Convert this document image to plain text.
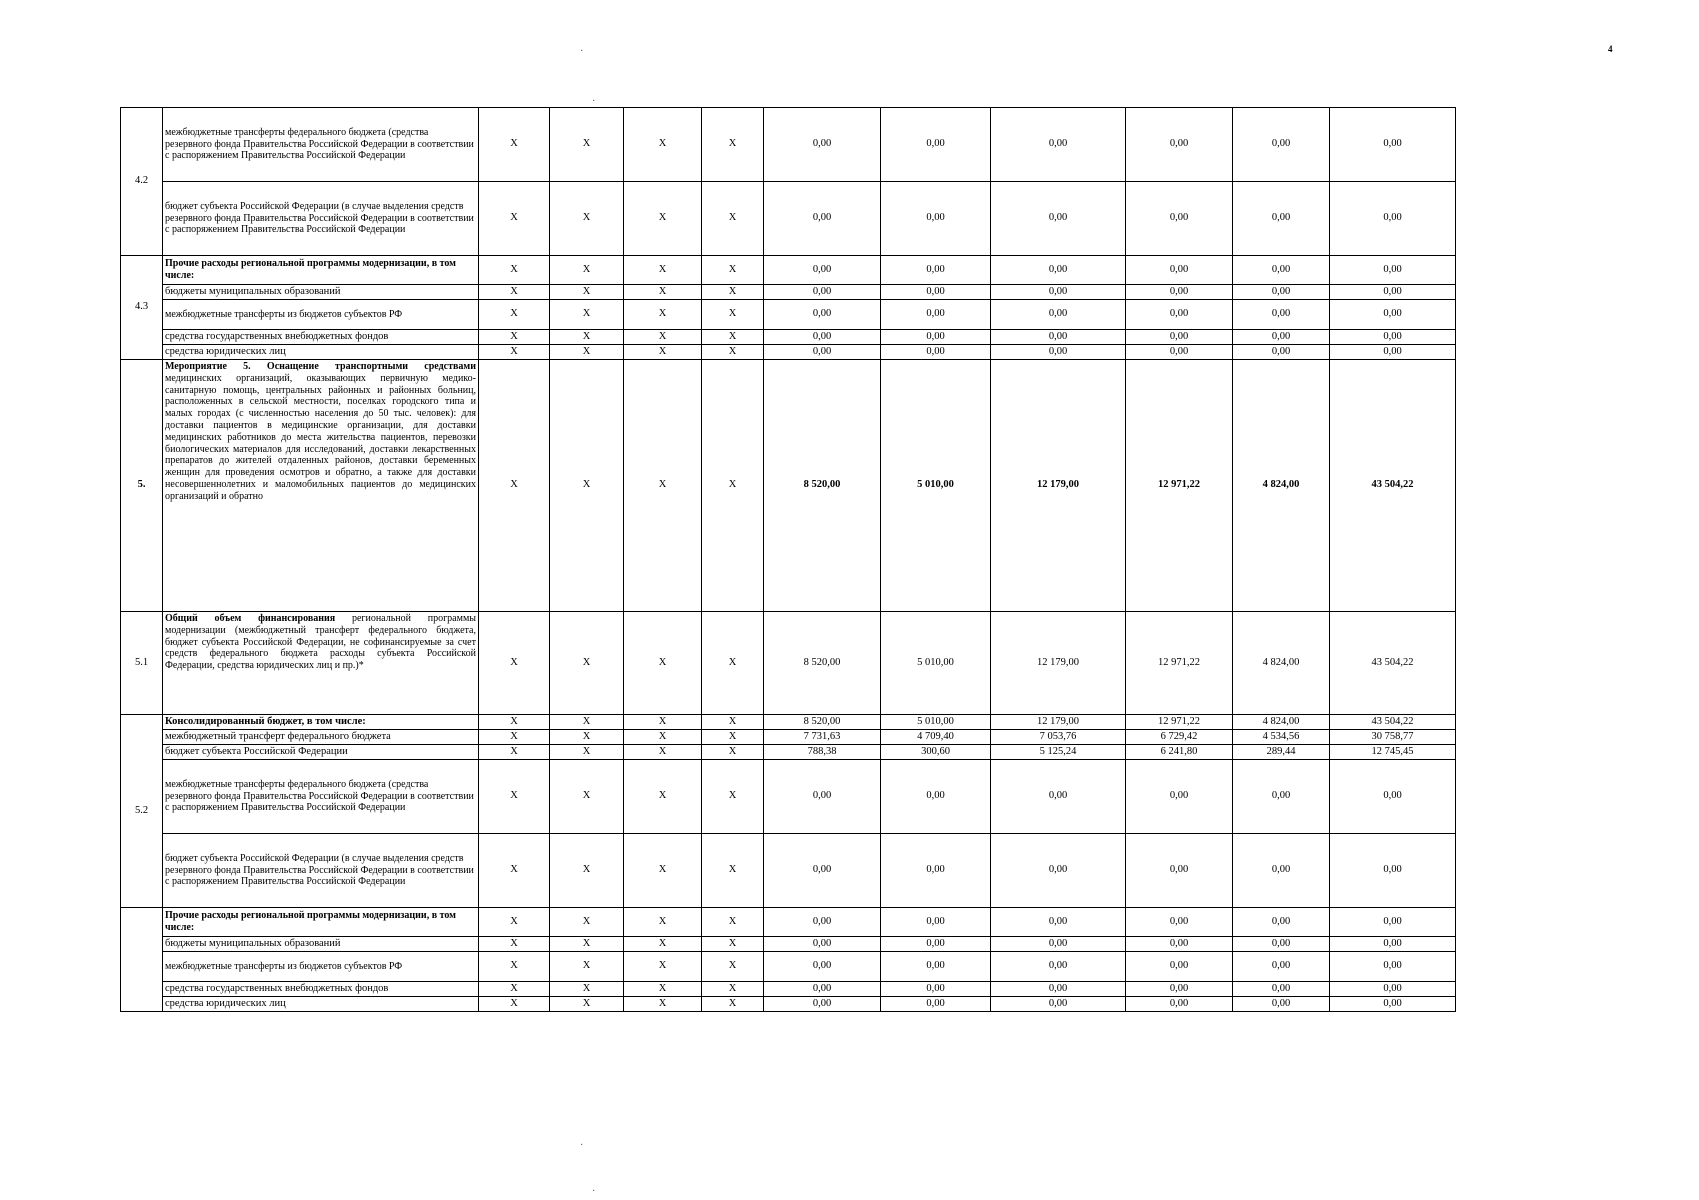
4
·
·
·
·
4.2	межбюджетные трансферты федерального бюджета (средства резервного фонда Правительства Российской Федерации в соответствии с распоряжением Правительства Российской Федерации	X	X	X	X	0,00	0,00	0,00	0,00	0,00	0,00
	бюджет субъекта Российской Федерации (в случае выделения средств резервного фонда Правительства Российской Федерации в соответствии с распоряжением Правительства Российской Федерации	X	X	X	X	0,00	0,00	0,00	0,00	0,00	0,00
4.3	Прочие расходы региональной программы модернизации, в том числе:	X	X	X	X	0,00	0,00	0,00	0,00	0,00	0,00
	бюджеты муниципальных образований	X	X	X	X	0,00	0,00	0,00	0,00	0,00	0,00
	межбюджетные трансферты из бюджетов субъектов РФ	X	X	X	X	0,00	0,00	0,00	0,00	0,00	0,00
	средства государственных внебюджетных фондов	X	X	X	X	0,00	0,00	0,00	0,00	0,00	0,00
	средства юридических лиц	X	X	X	X	0,00	0,00	0,00	0,00	0,00	0,00
5.	Мероприятие 5. Оснащение транспортными средствами медицинских организаций, оказывающих первичную медико-санитарную помощь, центральных районных и районных больниц, расположенных в сельской местности, поселках городского типа и малых городах (с численностью населения до 50 тыс. человек): для доставки пациентов в медицинские организации, для доставки медицинских работников до места жительства пациентов, перевозки биологических материалов для исследований, доставки лекарственных препаратов до жителей отдаленных районов, доставки беременных женщин для проведения осмотров и обратно, а также для доставки несовершеннолетних и маломобильных пациентов до медицинских организаций и обратно	X	X	X	X	8 520,00	5 010,00	12 179,00	12 971,22	4 824,00	43 504,22
5.1	Общий объем финансирования региональной программы модернизации (межбюджетный трансферт федерального бюджета, бюджет субъекта Российской Федерации, не софинансируемые за счет средств федерального бюджета расходы субъекта Российской Федерации, средства юридических лиц и пр.)*	X	X	X	X	8 520,00	5 010,00	12 179,00	12 971,22	4 824,00	43 504,22
5.2	Консолидированный бюджет, в том числе:	X	X	X	X	8 520,00	5 010,00	12 179,00	12 971,22	4 824,00	43 504,22
	межбюджетный трансферт федерального бюджета	X	X	X	X	7 731,63	4 709,40	7 053,76	6 729,42	4 534,56	30 758,77
	бюджет субъекта Российской Федерации	X	X	X	X	788,38	300,60	5 125,24	6 241,80	289,44	12 745,45
	межбюджетные трансферты федерального бюджета (средства резервного фонда Правительства Российской Федерации в соответствии с распоряжением Правительства Российской Федерации	X	X	X	X	0,00	0,00	0,00	0,00	0,00	0,00
	бюджет субъекта Российской Федерации (в случае выделения средств резервного фонда Правительства Российской Федерации в соответствии с распоряжением Правительства Российской Федерации	X	X	X	X	0,00	0,00	0,00	0,00	0,00	0,00
	Прочие расходы региональной программы модернизации, в том числе:	X	X	X	X	0,00	0,00	0,00	0,00	0,00	0,00
	бюджеты муниципальных образований	X	X	X	X	0,00	0,00	0,00	0,00	0,00	0,00
	межбюджетные трансферты из бюджетов субъектов РФ	X	X	X	X	0,00	0,00	0,00	0,00	0,00	0,00
	средства государственных внебюджетных фондов	X	X	X	X	0,00	0,00	0,00	0,00	0,00	0,00
	средства юридических лиц	X	X	X	X	0,00	0,00	0,00	0,00	0,00	0,00
